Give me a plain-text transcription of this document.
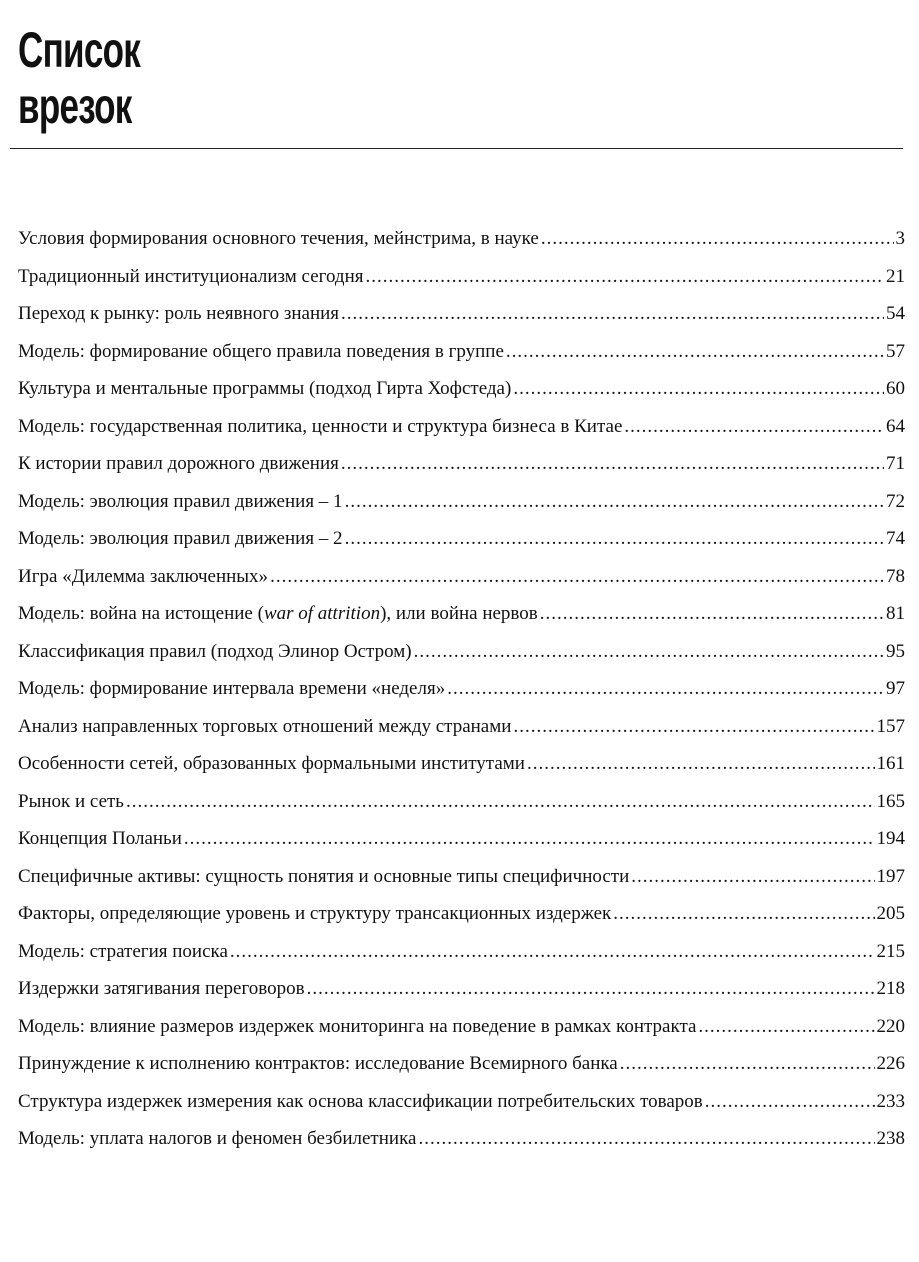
Список
врезок
Условия формирования основного течения, мейнстрима, в науке .....	3
Традиционный институционализм сегодня .....	21
Переход к рынку: роль неявного знания .....	54
Модель: формирование общего правила поведения в группе .....	57
Культура и ментальные программы (подход Гирта Хофстеда) .....	60
Модель: государственная политика, ценности и структура бизнеса в Китае .....	64
К истории правил дорожного движения .....	71
Модель: эволюция правил движения – 1 .....	72
Модель: эволюция правил движения – 2 .....	74
Игра «Дилемма заключенных» .....	78
Модель: война на истощение (war of attrition), или война нервов .....	81
Классификация правил (подход Элинор Остром) .....	95
Модель: формирование интервала времени «неделя» .....	97
Анализ направленных торговых отношений между странами .....	157
Особенности сетей, образованных формальными институтами .....	161
Рынок и сеть .....	165
Концепция Поланьи .....	194
Специфичные активы: сущность понятия и основные типы специфичности .....	197
Факторы, определяющие уровень и структуру трансакционных издержек .....	205
Модель: стратегия поиска .....	215
Издержки затягивания переговоров .....	218
Модель: влияние размеров издержек мониторинга на поведение в рамках контракта .....	220
Принуждение к исполнению контрактов: исследование Всемирного банка .....	226
Структура издержек измерения как основа классификации потребительских товаров .....	233
Модель: уплата налогов и феномен безбилетника .....	238
